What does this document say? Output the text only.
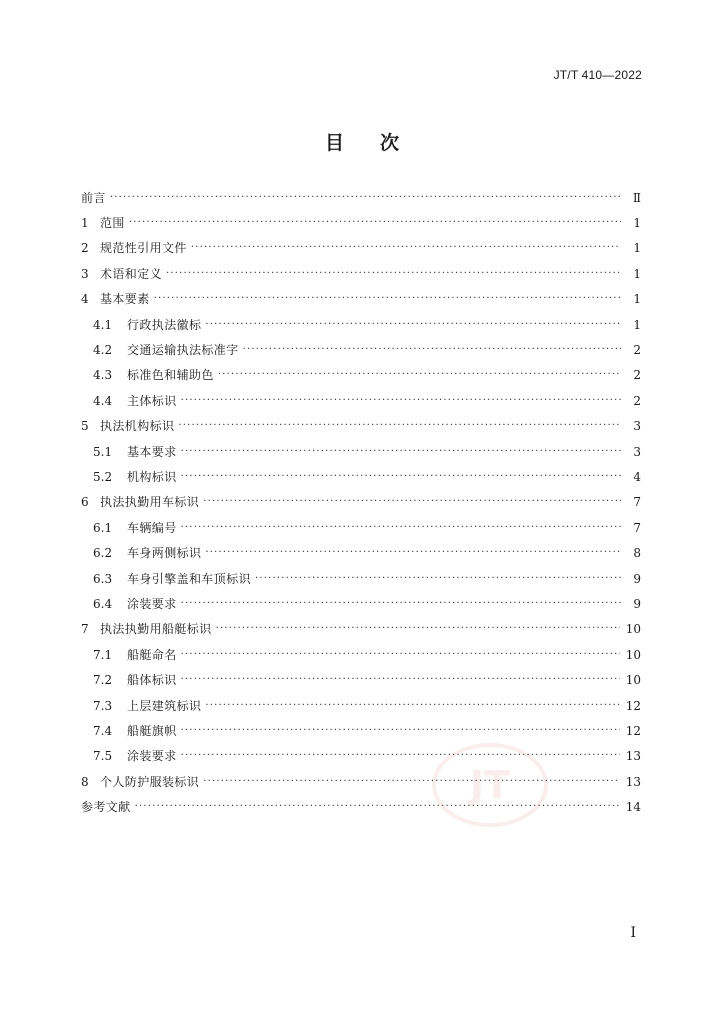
JT/T 410—2022
目 次
前言 ·····	Ⅱ
1 范围 ·····	1
2 规范性引用文件 ·····	1
3 术语和定义 ·····	1
4 基本要素 ·····	1
4.1	行政执法徽标 ·····	1
4.2	交通运输执法标准字 ·····	2
4.3	标准色和辅助色 ·····	2
4.4	主体标识 ·····	2
5 执法机构标识 ·····	3
5.1	基本要求 ·····	3
5.2	机构标识 ·····	4
6 执法执勤用车标识 ·····	7
6.1	车辆编号 ·····	7
6.2	车身两侧标识 ·····	8
6.3	车身引擎盖和车顶标识 ·····	9
6.4	涂装要求 ·····	9
7 执法执勤用船艇标识 ·····	10
7.1	船艇命名 ·····	10
7.2	船体标识 ·····	10
7.3	上层建筑标识 ·····	12
7.4	船艇旗帜 ·····	12
7.5	涂装要求 ·····	13
8 个人防护服装标识 ·····	13
参考文献 ·····	14
JT
I
